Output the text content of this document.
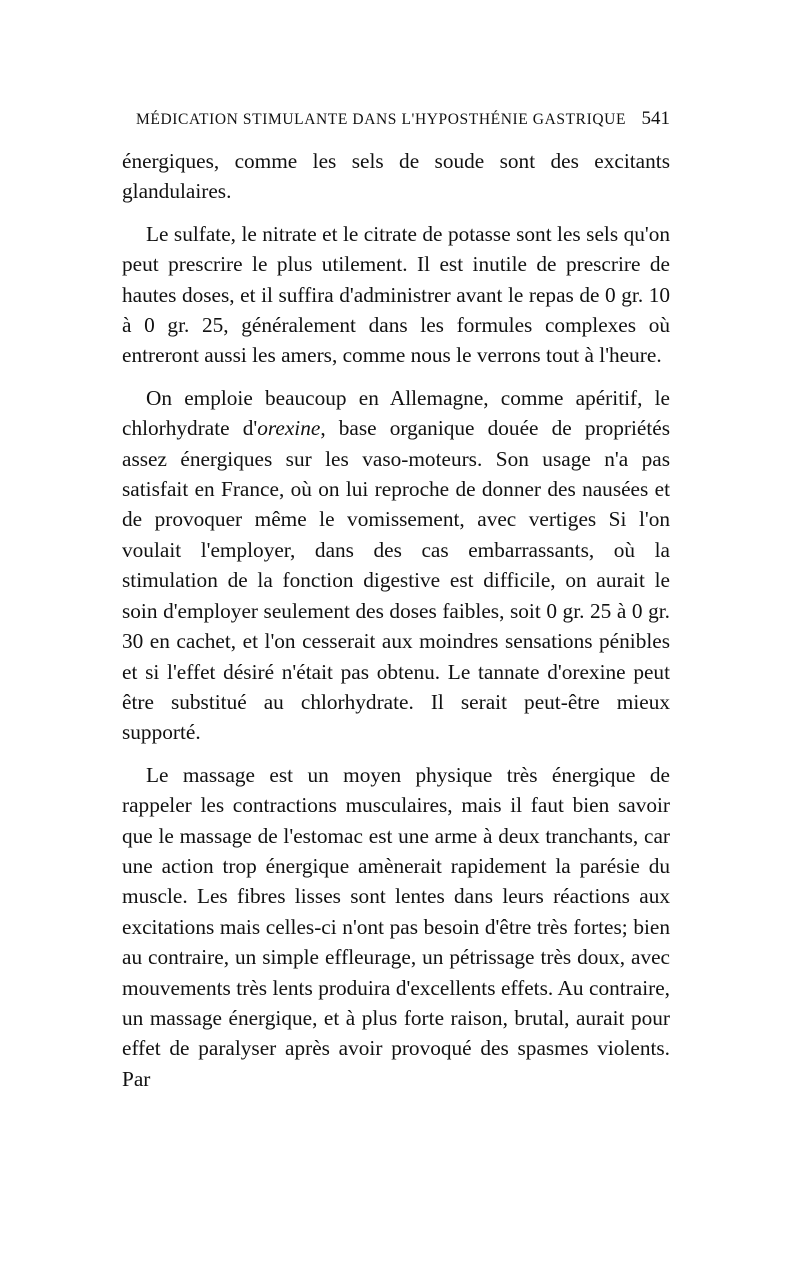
MÉDICATION STIMULANTE DANS L'HYPOSTHÉNIE GASTRIQUE 541

énergiques, comme les sels de soude sont des excitants glandulaires.

Le sulfate, le nitrate et le citrate de potasse sont les sels qu'on peut prescrire le plus utilement. Il est inutile de prescrire de hautes doses, et il suffira d'administrer avant le repas de 0 gr. 10 à 0 gr. 25, généralement dans les formules complexes où entreront aussi les amers, comme nous le verrons tout à l'heure.

On emploie beaucoup en Allemagne, comme apéritif, le chlorhydrate d'orexine, base organique douée de propriétés assez énergiques sur les vaso-moteurs. Son usage n'a pas satisfait en France, où on lui reproche de donner des nausées et de provoquer même le vomissement, avec vertiges Si l'on voulait l'employer, dans des cas embarrassants, où la stimulation de la fonction digestive est difficile, on aurait le soin d'employer seulement des doses faibles, soit 0 gr. 25 à 0 gr. 30 en cachet, et l'on cesserait aux moindres sensations pénibles et si l'effet désiré n'était pas obtenu. Le tannate d'orexine peut être substitué au chlorhydrate. Il serait peut-être mieux supporté.

Le massage est un moyen physique très énergique de rappeler les contractions musculaires, mais il faut bien savoir que le massage de l'estomac est une arme à deux tranchants, car une action trop énergique amènerait rapidement la parésie du muscle. Les fibres lisses sont lentes dans leurs réactions aux excitations mais celles-ci n'ont pas besoin d'être très fortes; bien au contraire, un simple effleurage, un pétrissage très doux, avec mouvements très lents produira d'excellents effets. Au contraire, un massage énergique, et à plus forte raison, brutal, aurait pour effet de paralyser après avoir provoqué des spasmes violents. Par
